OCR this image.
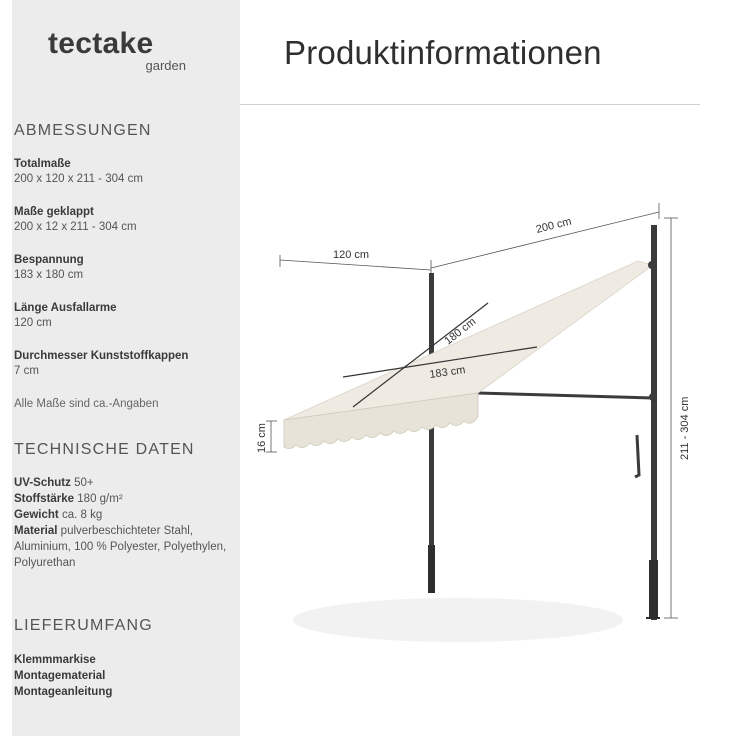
tectake
garden	Produktinformationen
ABMESSUNGEN
Totalmaße
200 x 120 x 211 - 304 cm
Maße geklappt
200 x 12 x 211 - 304 cm
Bespannung
183 x 180 cm
Länge Ausfallarme
120 cm
Durchmesser Kunststoffkappen
7 cm
Alle Maße sind ca.-Angaben
TECHNISCHE DATEN
UV-Schutz 50+
Stoffstärke 180 g/m²
Gewicht ca. 8 kg
Material pulverbeschichteter Stahl, Aluminium, 100 % Polyester, Polyethylen, Polyurethan
LIEFERUMFANG
Klemmmarkise
Montagematerial
Montageanleitung
200 cm
120 cm
211 - 304 cm
16 cm
180 cm
183 cm
